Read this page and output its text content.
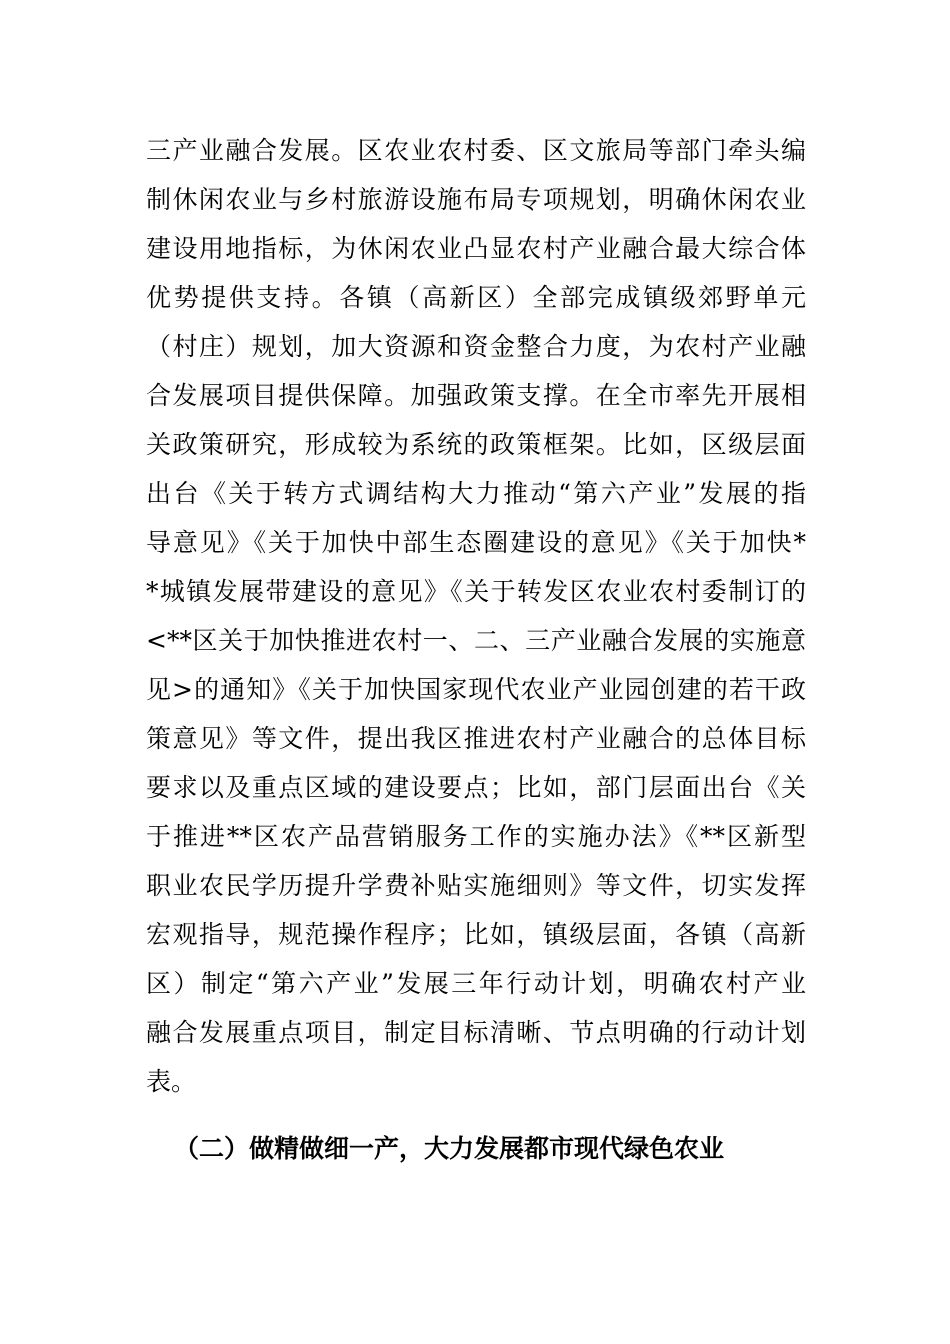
三产业融合发展。区农业农村委、区文旅局等部门牵头编
制休闲农业与乡村旅游设施布局专项规划，明确休闲农业
建设用地指标，为休闲农业凸显农村产业融合最大综合体
优势提供支持。各镇（高新区）全部完成镇级郊野单元
（村庄）规划，加大资源和资金整合力度，为农村产业融
合发展项目提供保障。加强政策支撑。在全市率先开展相
关政策研究，形成较为系统的政策框架。比如，区级层面
出台《关于转方式调结构大力推动“第六产业”发展的指
导意见》《关于加快中部生态圈建设的意见》《关于加快*
*城镇发展带建设的意见》《关于转发区农业农村委制订的
<**区关于加快推进农村一、二、三产业融合发展的实施意
见>的通知》《关于加快国家现代农业产业园创建的若干政
策意见》等文件，提出我区推进农村产业融合的总体目标
要求以及重点区域的建设要点；比如，部门层面出台《关
于推进**区农产品营销服务工作的实施办法》《**区新型
职业农民学历提升学费补贴实施细则》等文件，切实发挥
宏观指导，规范操作程序；比如，镇级层面，各镇（高新
区）制定“第六产业”发展三年行动计划，明确农村产业
融合发展重点项目，制定目标清晰、节点明确的行动计划
表。
（二）做精做细一产，大力发展都市现代绿色农业
